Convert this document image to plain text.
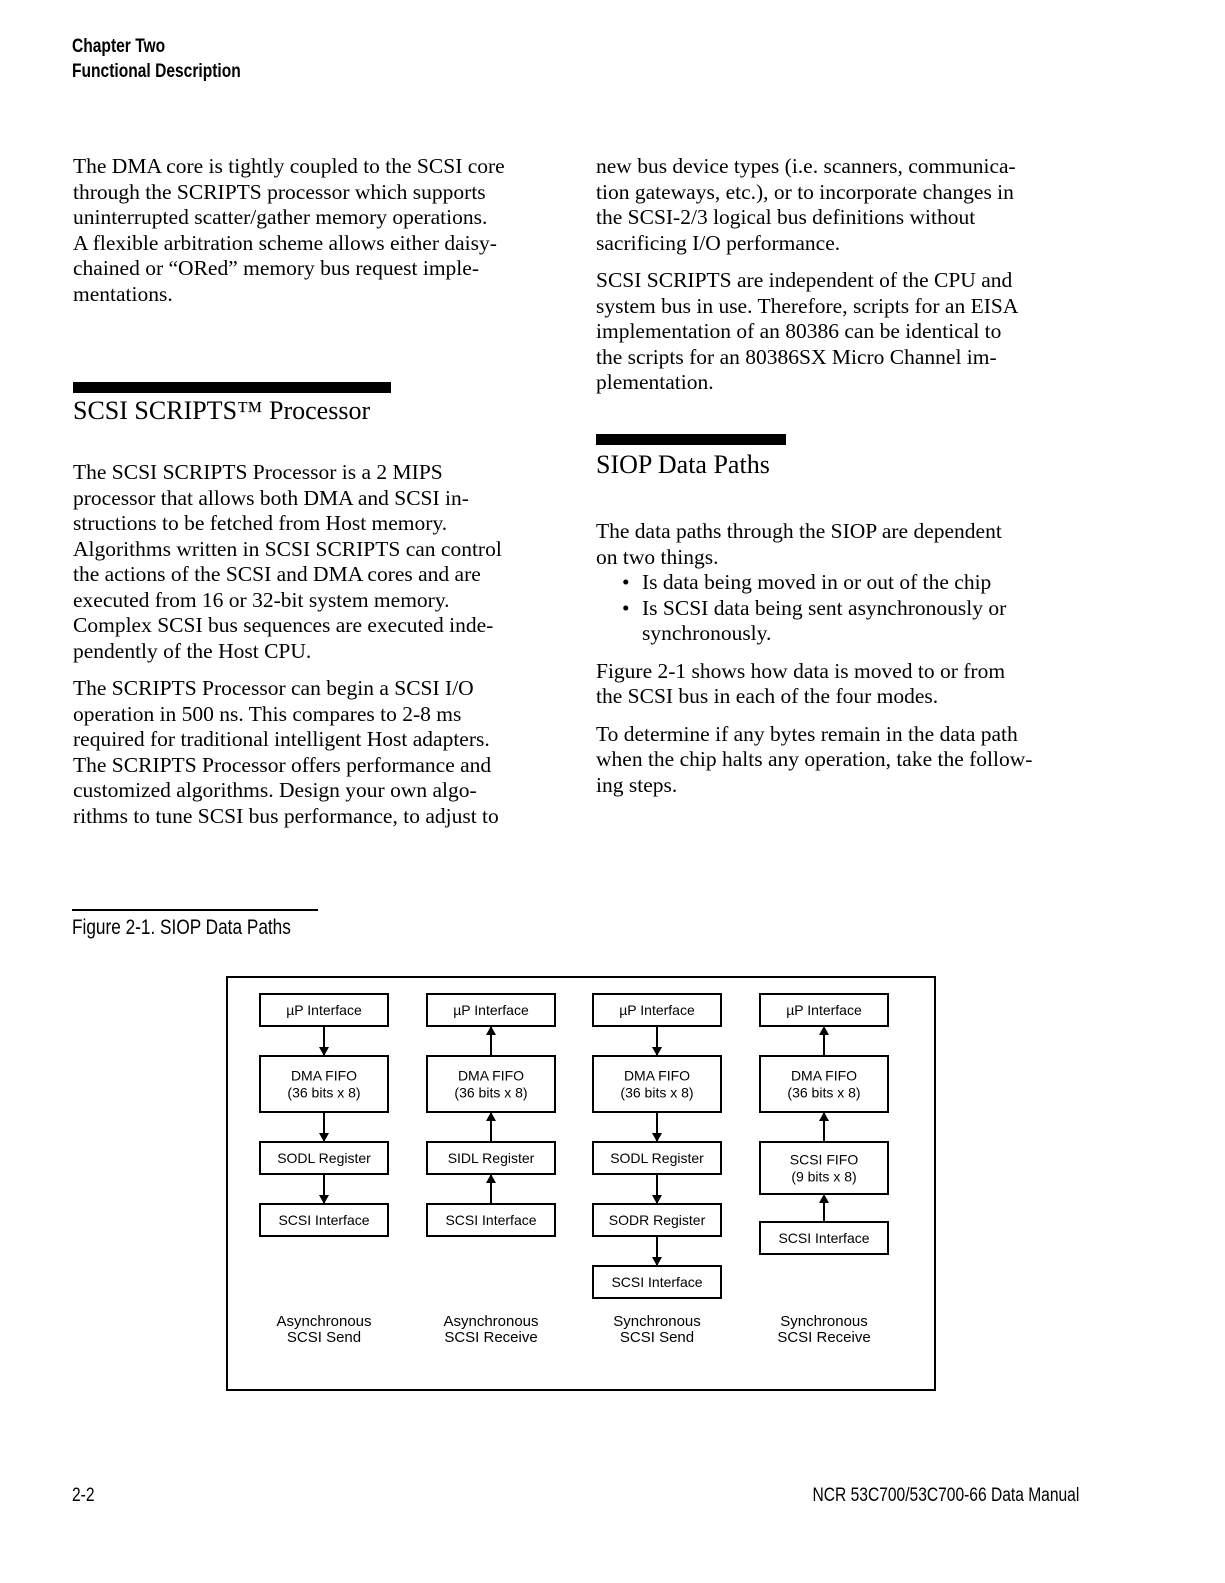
Chapter Two
Functional Description

The DMA core is tightly coupled to the SCSI core
through the SCRIPTS processor which supports
uninterrupted scatter/gather memory operations.
A flexible arbitration scheme allows either daisy-
chained or “ORed” memory bus request imple-
mentations.

SCSI SCRIPTS™ Processor

The SCSI SCRIPTS Processor is a 2 MIPS
processor that allows both DMA and SCSI in-
structions to be fetched from Host memory.
Algorithms written in SCSI SCRIPTS can control
the actions of the SCSI and DMA cores and are
executed from 16 or 32-bit system memory.
Complex SCSI bus sequences are executed inde-
pendently of the Host CPU.

The SCRIPTS Processor can begin a SCSI I/O
operation in 500 ns. This compares to 2-8 ms
required for traditional intelligent Host adapters.
The SCRIPTS Processor offers performance and
customized algorithms. Design your own algo-
rithms to tune SCSI bus performance, to adjust to

new bus device types (i.e. scanners, communica-
tion gateways, etc.), or to incorporate changes in
the SCSI-2/3 logical bus definitions without
sacrificing I/O performance.

SCSI SCRIPTS are independent of the CPU and
system bus in use. Therefore, scripts for an EISA
implementation of an 80386 can be identical to
the scripts for an 80386SX Micro Channel im-
plementation.

SIOP Data Paths

The data paths through the SIOP are dependent
on two things.

• Is data being moved in or out of the chip
• Is SCSI data being sent asynchronously or
synchronously.

Figure 2-1 shows how data is moved to or from
the SCSI bus in each of the four modes.

To determine if any bytes remain in the data path
when the chip halts any operation, take the follow-
ing steps.

Figure 2-1. SIOP Data Paths
µP Interface
DMA FIFO
(36 bits x 8)
SODL Register
SCSI Interface
Asynchronous
SCSI Send
µP Interface
DMA FIFO
(36 bits x 8)
SIDL Register
SCSI Interface
Asynchronous
SCSI Receive
µP Interface
DMA FIFO
(36 bits x 8)
SODL Register
SODR Register
SCSI Interface
Synchronous
SCSI Send
µP Interface
DMA FIFO
(36 bits x 8)
SCSI FIFO
(9 bits x 8)
SCSI Interface
Synchronous
SCSI Receive
2-2	NCR 53C700/53C700-66 Data Manual
